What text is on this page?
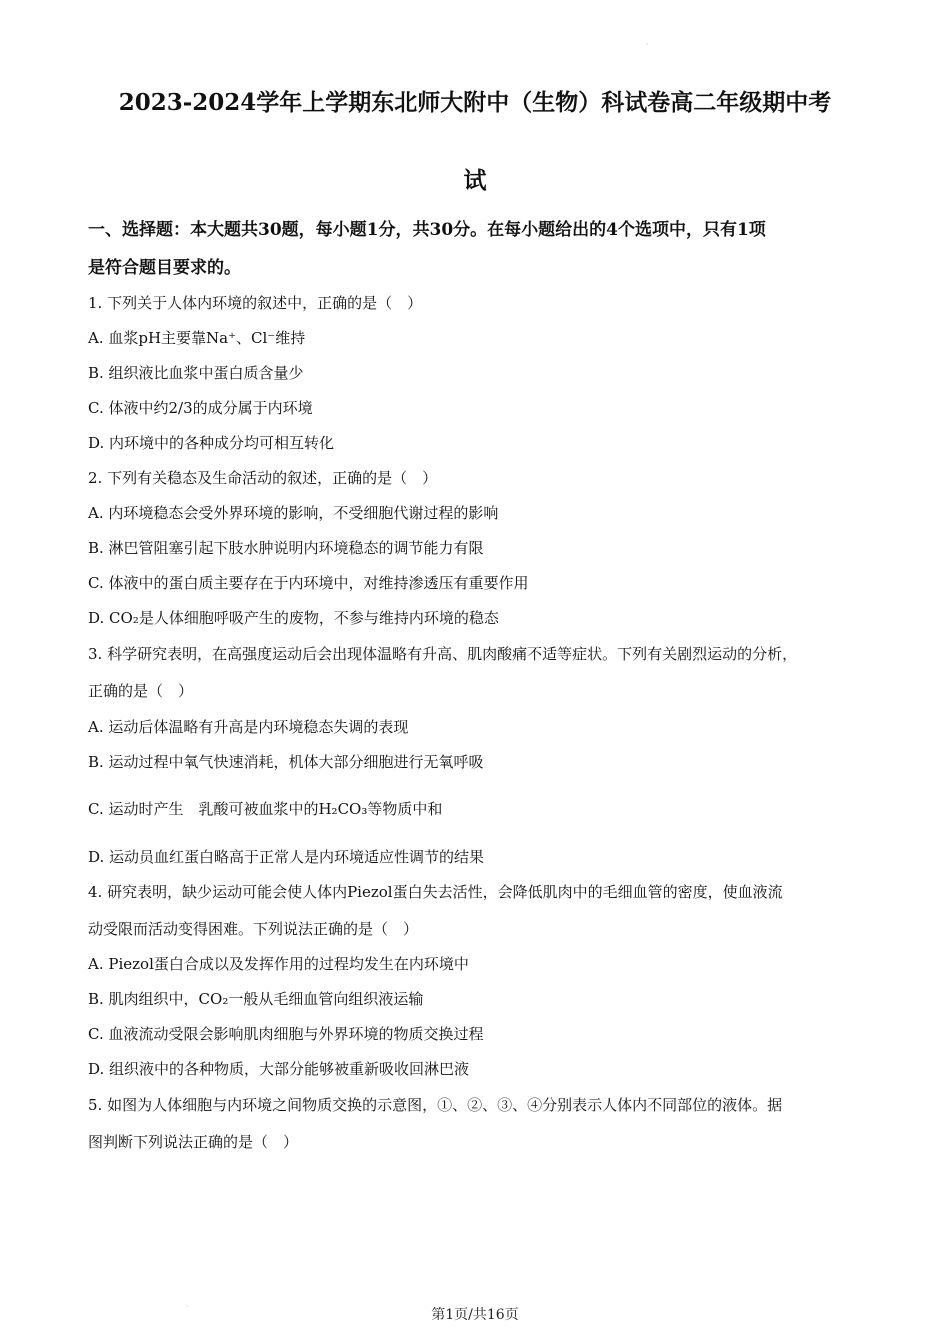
·
2023-2024学年上学期东北师大附中（生物）科试卷高二年级期中考
试
一、选择题：本大题共30题，每小题1分，共30分。在每小题给出的4个选项中，只有1项
是符合题目要求的。
1. 下列关于人体内环境的叙述中，正确的是（　）
A. 血浆pH主要靠Na⁺、Cl⁻维持
B. 组织液比血浆中蛋白质含量少
C. 体液中约2/3的成分属于内环境
D. 内环境中的各种成分均可相互转化
2. 下列有关稳态及生命活动的叙述，正确的是（　）
A. 内环境稳态会受外界环境的影响，不受细胞代谢过程的影响
B. 淋巴管阻塞引起下肢水肿说明内环境稳态的调节能力有限
C. 体液中的蛋白质主要存在于内环境中，对维持渗透压有重要作用
D. CO₂是人体细胞呼吸产生的废物，不参与维持内环境的稳态
3. 科学研究表明，在高强度运动后会出现体温略有升高、肌肉酸痛不适等症状。下列有关剧烈运动的分析，
正确的是（　）
A. 运动后体温略有升高是内环境稳态失调的表现
B. 运动过程中氧气快速消耗，机体大部分细胞进行无氧呼吸
C. 运动时产生　乳酸可被血浆中的H₂CO₃等物质中和
D. 运动员血红蛋白略高于正常人是内环境适应性调节的结果
4. 研究表明，缺少运动可能会使人体内Piezol蛋白失去活性，会降低肌肉中的毛细血管的密度，使血液流
动受限而活动变得困难。下列说法正确的是（　）
A. Piezol蛋白合成以及发挥作用的过程均发生在内环境中
B. 肌肉组织中，CO₂一般从毛细血管向组织液运输
C. 血液流动受限会影响肌肉细胞与外界环境的物质交换过程
D. 组织液中的各种物质，大部分能够被重新吸收回淋巴液
5. 如图为人体细胞与内环境之间物质交换的示意图，①、②、③、④分别表示人体内不同部位的液体。据
图判断下列说法正确的是（　）
·
第1页/共16页
